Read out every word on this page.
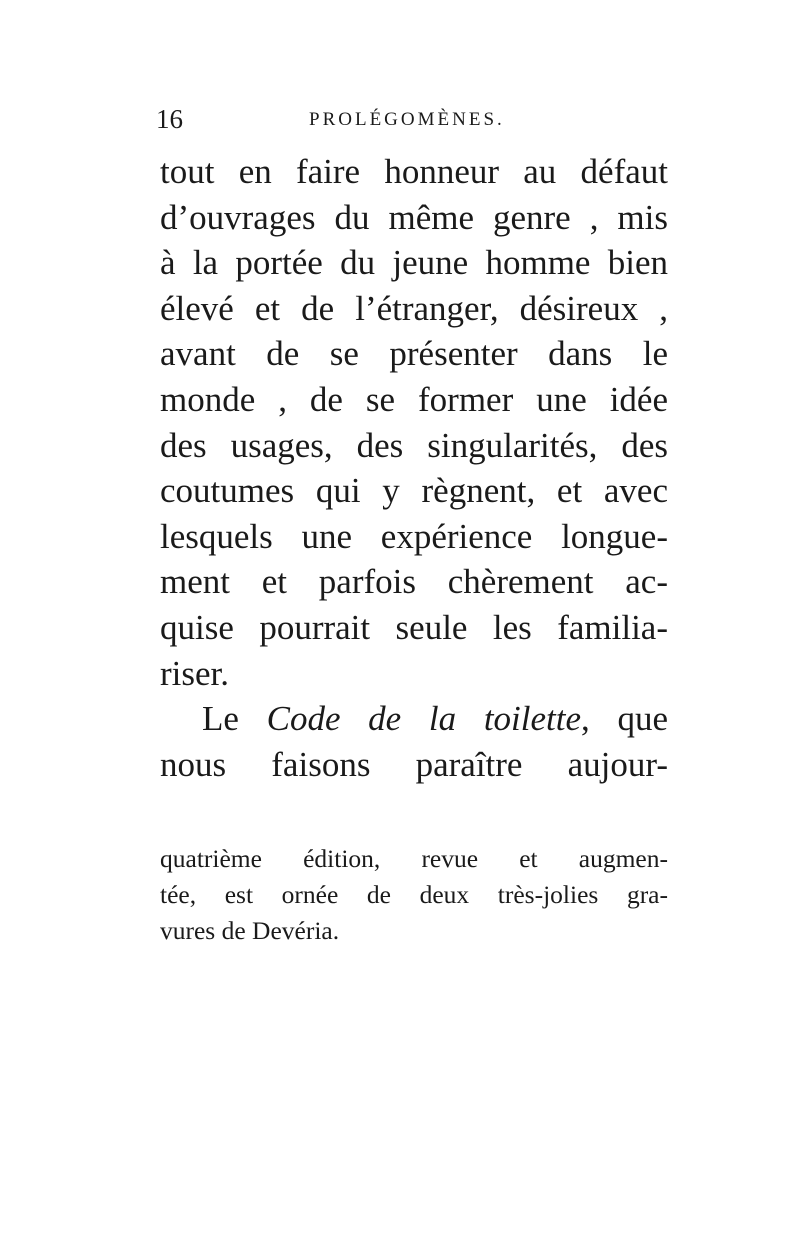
16	PROLÉGOMÈNES.
tout en faire honneur au défaut
d’ouvrages du même genre , mis
à la portée du jeune homme bien
élevé et de l’étranger, désireux ,
avant de se présenter dans le
monde , de se former une idée
des usages, des singularités, des
coutumes qui y règnent, et avec
lesquels une expérience longue-
ment et parfois chèrement ac-
quise pourrait seule les familia-
riser.
Le Code de la toilette, que
nous faisons paraître aujour-
quatrième édition, revue et augmen-
tée, est ornée de deux très-jolies gra-
vures de Devéria.
